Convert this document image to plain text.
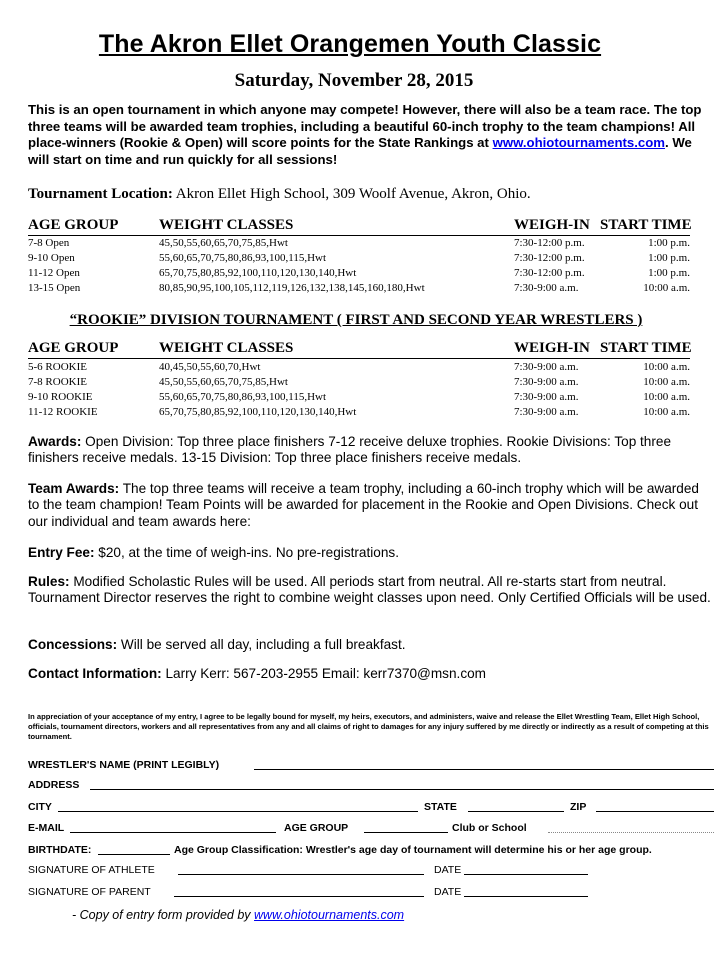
The Akron Ellet Orangemen Youth Classic
Saturday, November 28, 2015
This is an open tournament in which anyone may compete! However, there will also be a team race. The top three teams will be awarded team trophies, including a beautiful 60-inch trophy to the team champions! All place-winners (Rookie & Open) will score points for the State Rankings at www.ohiotournaments.com. We will start on time and run quickly for all sessions!
Tournament Location: Akron Ellet High School, 309 Woolf Avenue, Akron, Ohio.
AGE GROUP	WEIGHT CLASSES	WEIGH-IN START TIME
7-8 Open	45,50,55,60,65,70,75,85,Hwt	7:30-12:00 p.m.	1:00 p.m.
9-10 Open	55,60,65,70,75,80,86,93,100,115,Hwt	7:30-12:00 p.m.	1:00 p.m.
11-12 Open	65,70,75,80,85,92,100,110,120,130,140,Hwt	7:30-12:00 p.m.	1:00 p.m.
13-15 Open	80,85,90,95,100,105,112,119,126,132,138,145,160,180,Hwt	7:30-9:00 a.m.	10:00 a.m.
“ROOKIE” DIVISION TOURNAMENT ( FIRST AND SECOND YEAR WRESTLERS )
AGE GROUP	WEIGHT CLASSES	WEIGH-IN START TIME
5-6 ROOKIE	40,45,50,55,60,70,Hwt	7:30-9:00 a.m.	10:00 a.m.
7-8 ROOKIE	45,50,55,60,65,70,75,85,Hwt	7:30-9:00 a.m.	10:00 a.m.
9-10 ROOKIE	55,60,65,70,75,80,86,93,100,115,Hwt	7:30-9:00 a.m.	10:00 a.m.
11-12 ROOKIE	65,70,75,80,85,92,100,110,120,130,140,Hwt	7:30-9:00 a.m.	10:00 a.m.
Awards: Open Division: Top three place finishers 7-12 receive deluxe trophies. Rookie Divisions: Top three finishers receive medals. 13-15 Division: Top three place finishers receive medals.
Team Awards: The top three teams will receive a team trophy, including a 60-inch trophy which will be awarded to the team champion! Team Points will be awarded for placement in the Rookie and Open Divisions. Check out our individual and team awards here:
Entry Fee: $20, at the time of weigh-ins. No pre-registrations.
Rules: Modified Scholastic Rules will be used. All periods start from neutral. All re-starts start from neutral. Tournament Director reserves the right to combine weight classes upon need. Only Certified Officials will be used.
Concessions: Will be served all day, including a full breakfast.
Contact Information: Larry Kerr: 567-203-2955 Email: kerr7370@msn.com
In appreciation of your acceptance of my entry, I agree to be legally bound for myself, my heirs, executors, and administers, waive and release the Ellet Wrestling Team, Ellet High School, officials, tournament directors, workers and all representatives from any and all claims of right to damages for any injury suffered by me directly or indirectly as a result of competing at this tournament.
WRESTLER'S NAME (PRINT LEGIBLY)
ADDRESS
CITY	STATE	ZIP
E-MAIL	AGE GROUP	Club or School
BIRTHDATE:	Age Group Classification: Wrestler's age day of tournament will determine his or her age group.
SIGNATURE OF ATHLETE	DATE
SIGNATURE OF PARENT	DATE
- Copy of entry form provided by www.ohiotournaments.com
